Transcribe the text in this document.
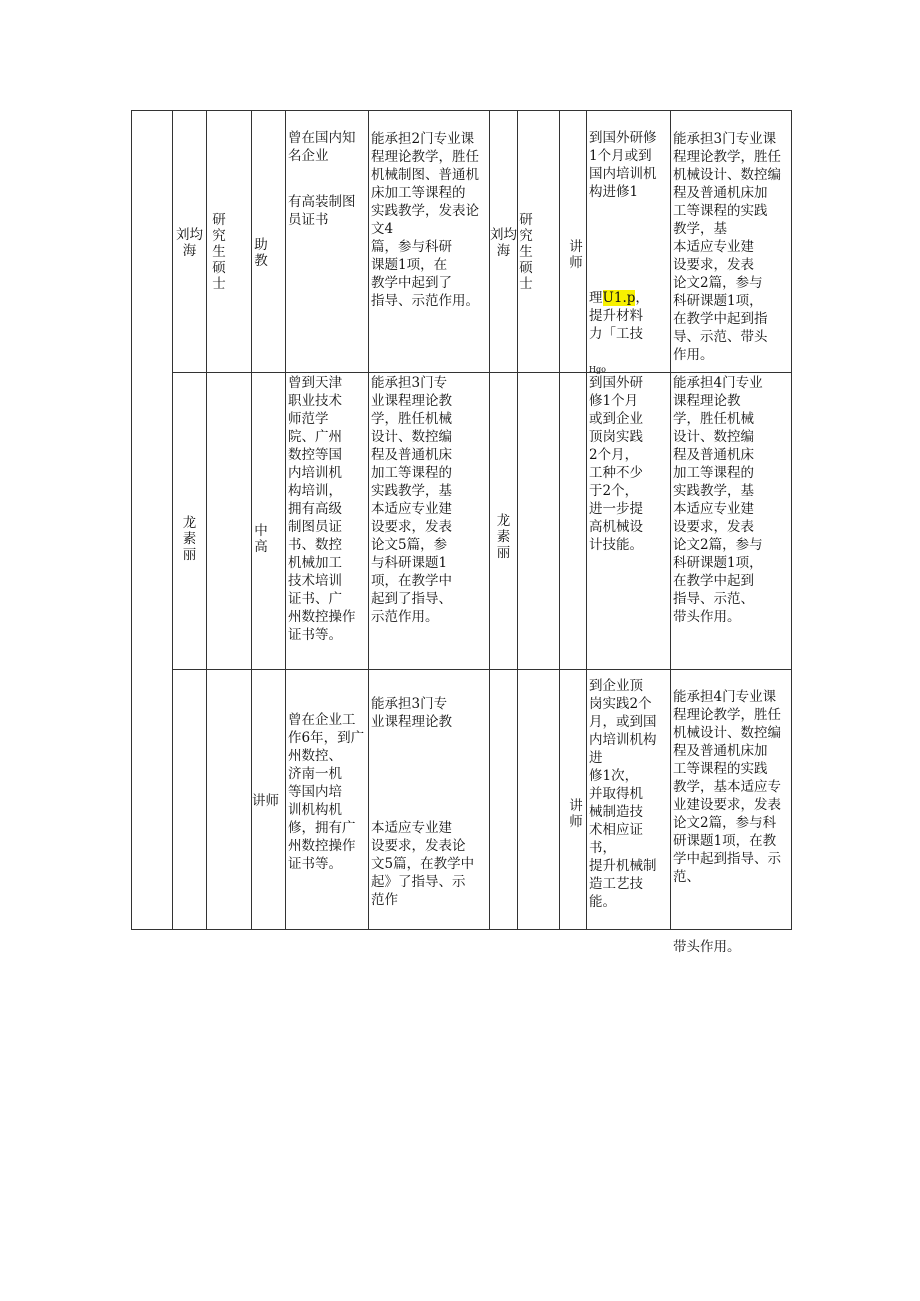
刘均海

研究生硕士

助教

曾在国内知
名企业

有高装制图
员证书

能承担2门专业课
程理论教学，胜任
机械制图、普通机
床加工等课程的
实践教学，发表论
文4
篇，参与科研
课题1项，在
教学中起到了
指导、示范作用。

刘均海

研究生硕士

讲师

到国外研修
1个月或到
国内培训机
构进修1

理U1.p，
提升材料
力「工技

Hgo

能承担3门专业课
程理论教学，胜任
机械设计、数控编
程及普通机床加
工等课程的实践
教学，基
本适应专业建
设要求，发表
论文2篇，参与
科研课题1项，
在教学中起到指
导、示范、带头
作用。

龙素丽

中高

曾到天津
职业技术
师范学
院、广州
数控等国
内培训机
构培训，
拥有高级
制图员证
书、数控
机械加工
技术培训
证书、广
州数控操作
证书等。
能承担3门专
业课程理论教
学，胜任机械
设计、数控编
程及普通机床
加工等课程的
实践教学，基
本适应专业建
设要求，发表
论文5篇，参
与科研课题1
项，在教学中
起到了指导、
示范作用。

龙素丽

到国外研
修1个月
或到企业
顶岗实践
2个月，
工种不少
于2个，
进一步提
高机械设
计技能。
能承担4门专业
课程理论教
学，胜任机械
设计、数控编
程及普通机床
加工等课程的
实践教学，基
本适应专业建
设要求，发表
论文2篇，参与
科研课题1项，
在教学中起到
指导、示范、
带头作用。
讲师
曾在企业工
作6年，到广
州数控、
济南一机
等国内培
训机构机
修，拥有广
州数控操作
证书等。

能承担3门专
业课程理论教

本适应专业建
设要求，发表论
文5篇，在教学中
起》了指导、示
范作

讲师

到企业顶
岗实践2个
月，或到国
内培训机构
进
修1次，
并取得机
械制造技
术相应证书，
提升机械制
造工艺技能。

能承担4门专业课
程理论教学，胜任
机械设计、数控编
程及普通机床加
工等课程的实践
教学，基本适应专
业建设要求，发表
论文2篇，参与科
研课题1项，在教
学中起到指导、示
范、

带头作用。
